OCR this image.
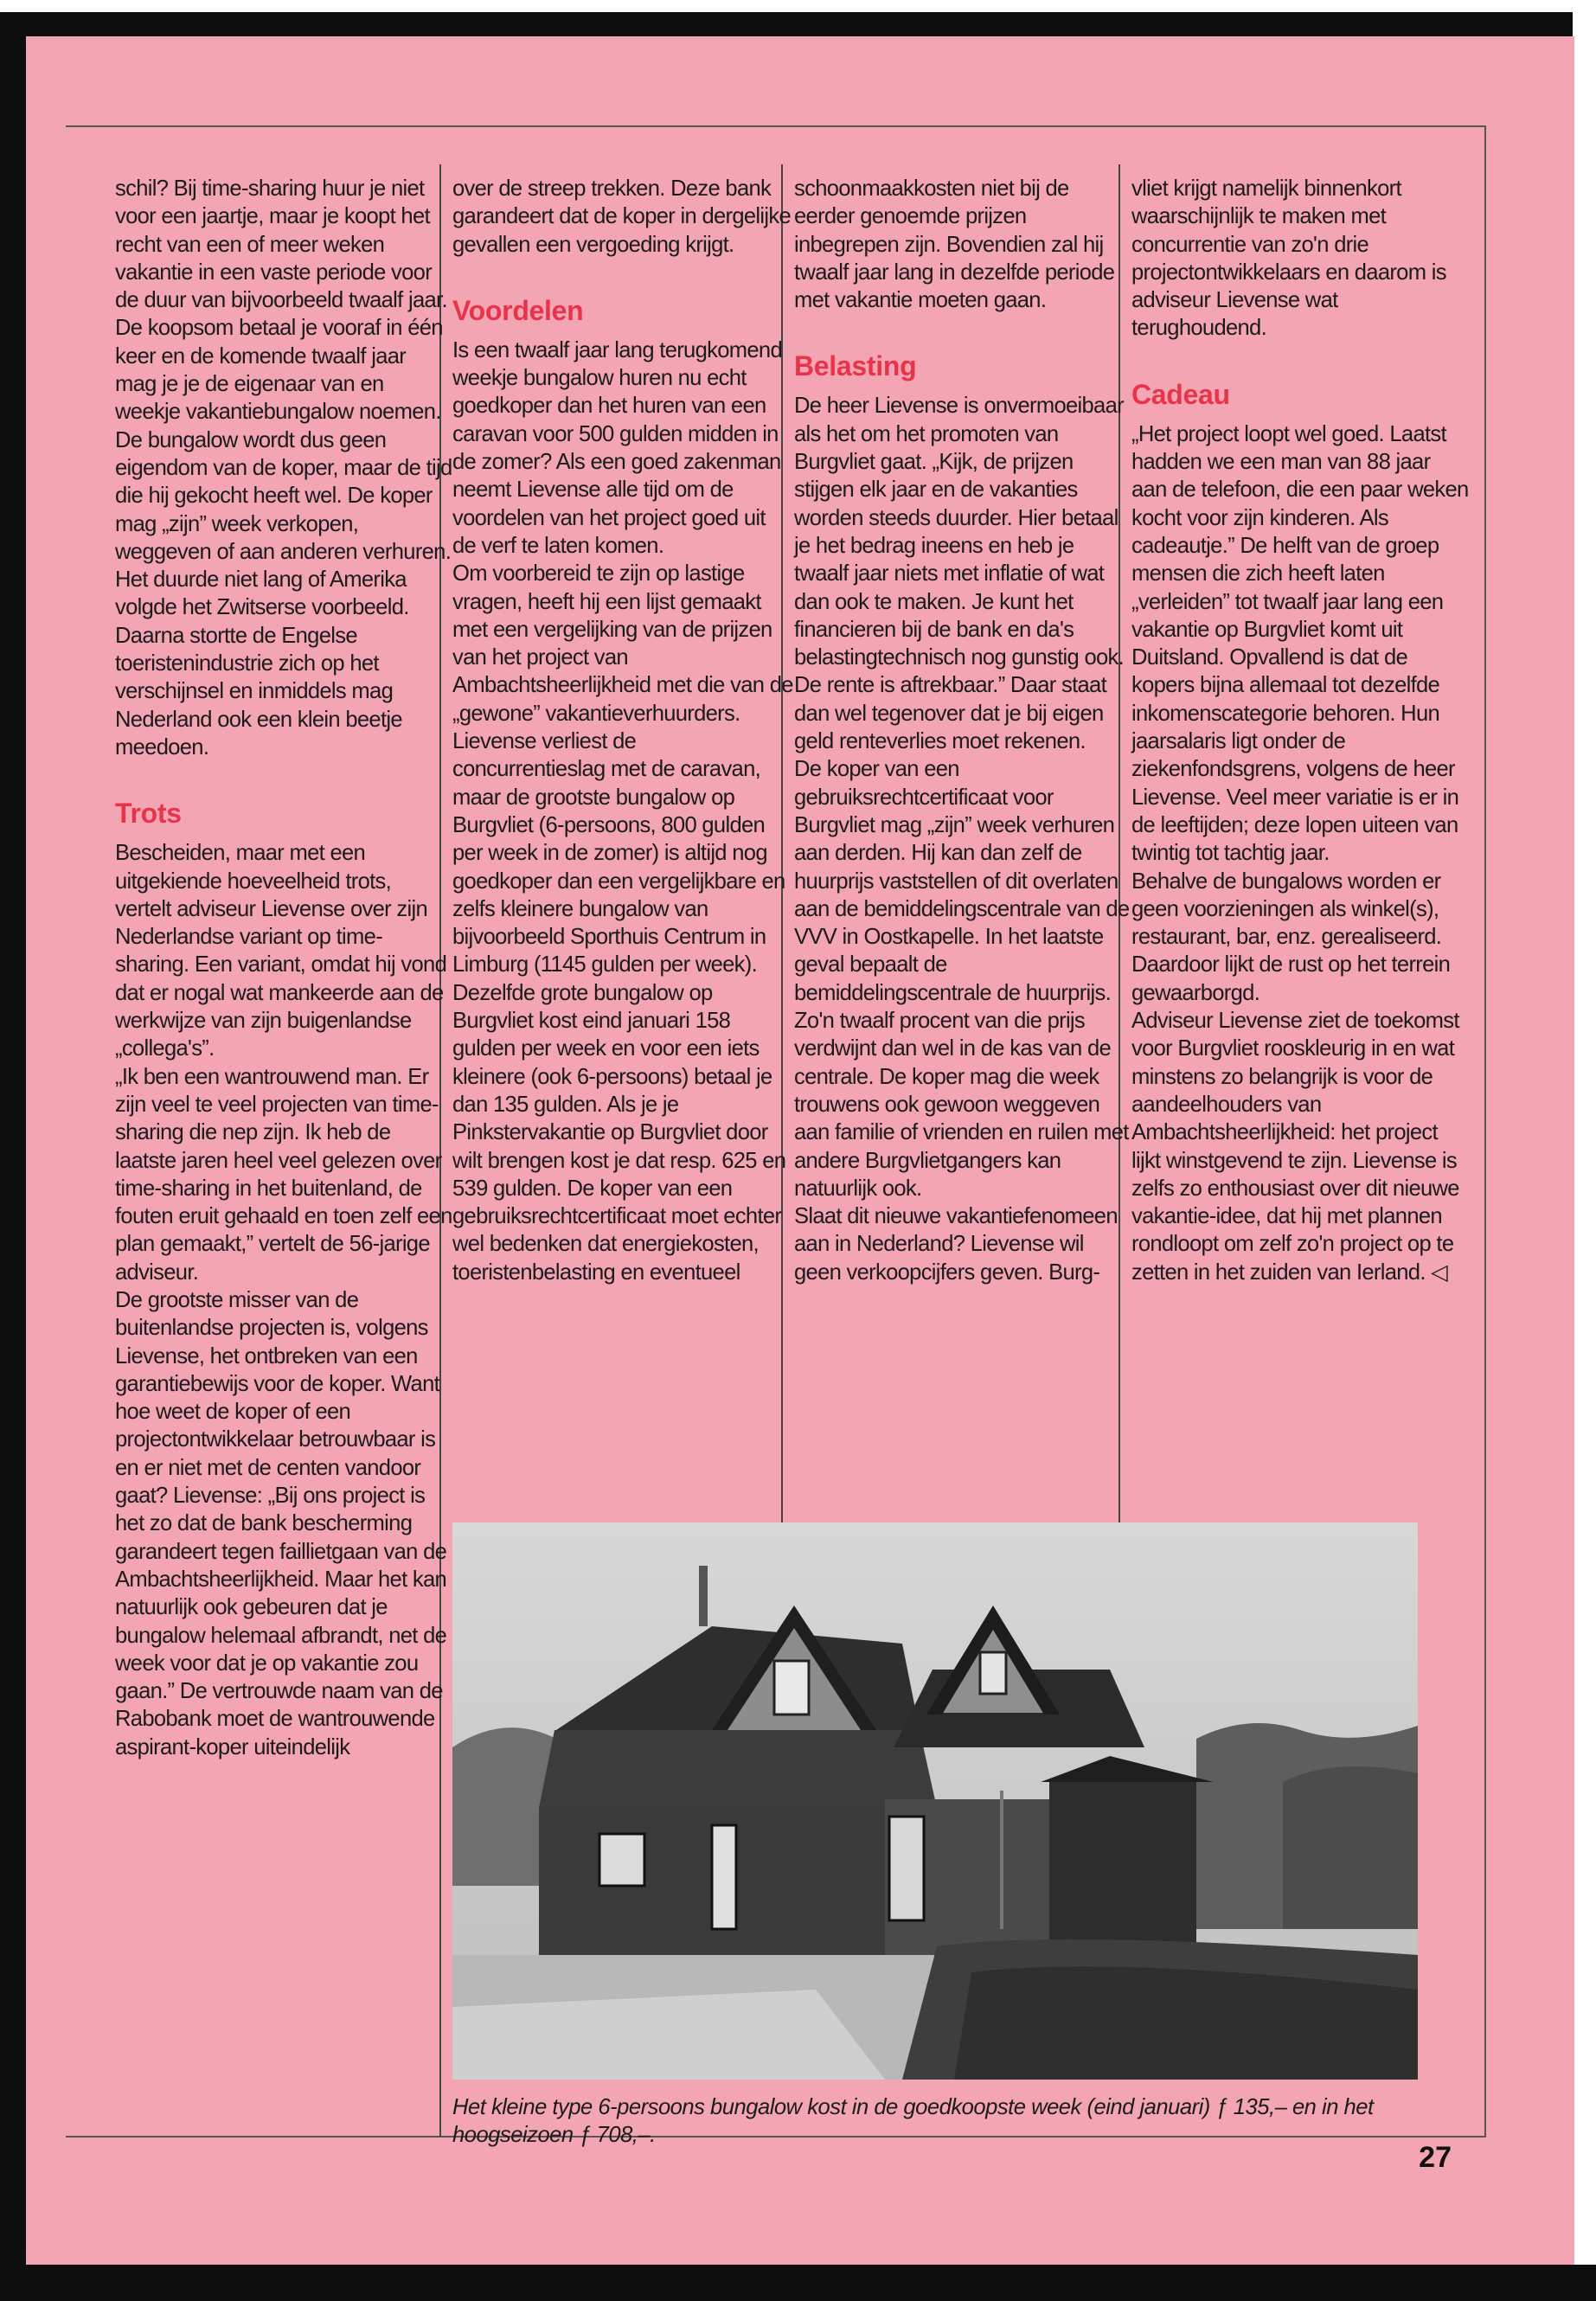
schil? Bij time-sharing huur je niet voor een jaartje, maar je koopt het recht van een of meer weken vakantie in een vaste periode voor de duur van bijvoorbeeld twaalf jaar. De koopsom betaal je vooraf in één keer en de komende twaalf jaar mag je je de eigenaar van en weekje vakantiebungalow noemen. De bungalow wordt dus geen eigendom van de koper, maar de tijd die hij gekocht heeft wel. De koper mag „zijn” week verkopen, weggeven of aan anderen verhuren.

Het duurde niet lang of Amerika volgde het Zwitserse voorbeeld. Daarna stortte de Engelse toeristenindustrie zich op het verschijnsel en inmiddels mag Nederland ook een klein beetje meedoen.

Trots

Bescheiden, maar met een uitgekiende hoeveelheid trots, vertelt adviseur Lievense over zijn Nederlandse variant op time-sharing. Een variant, omdat hij vond dat er nogal wat mankeerde aan de werkwijze van zijn buigenlandse „collega's”.

„Ik ben een wantrouwend man. Er zijn veel te veel projecten van time-sharing die nep zijn. Ik heb de laatste jaren heel veel gelezen over time-sharing in het buitenland, de fouten eruit gehaald en toen zelf een plan gemaakt,” vertelt de 56-jarige adviseur.

De grootste misser van de buitenlandse projecten is, volgens Lievense, het ontbreken van een garantiebewijs voor de koper. Want hoe weet de koper of een projectontwikkelaar betrouwbaar is en er niet met de centen vandoor gaat? Lievense: „Bij ons project is het zo dat de bank bescherming garandeert tegen faillietgaan van de Ambachtsheerlijkheid. Maar het kan natuurlijk ook gebeuren dat je bungalow helemaal afbrandt, net de week voor dat je op vakantie zou gaan.” De vertrouwde naam van de Rabobank moet de wantrouwende aspirant-koper uiteindelijk

over de streep trekken. Deze bank garandeert dat de koper in dergelijke gevallen een vergoeding krijgt.

Voordelen

Is een twaalf jaar lang terugkomend weekje bungalow huren nu echt goedkoper dan het huren van een caravan voor 500 gulden midden in de zomer? Als een goed zakenman neemt Lievense alle tijd om de voordelen van het project goed uit de verf te laten komen.

Om voorbereid te zijn op lastige vragen, heeft hij een lijst gemaakt met een vergelijking van de prijzen van het project van Ambachtsheerlijkheid met die van de „gewone” vakantieverhuurders. Lievense verliest de concurrentieslag met de caravan, maar de grootste bungalow op Burgvliet (6-persoons, 800 gulden per week in de zomer) is altijd nog goedkoper dan een vergelijkbare en zelfs kleinere bungalow van bijvoorbeeld Sporthuis Centrum in Limburg (1145 gulden per week). Dezelfde grote bungalow op Burgvliet kost eind januari 158 gulden per week en voor een iets kleinere (ook 6-persoons) betaal je dan 135 gulden. Als je je Pinkstervakantie op Burgvliet door wilt brengen kost je dat resp. 625 en 539 gulden. De koper van een gebruiksrechtcertificaat moet echter wel bedenken dat energiekosten, toeristenbelasting en eventueel

schoonmaakkosten niet bij de eerder genoemde prijzen inbegrepen zijn. Bovendien zal hij twaalf jaar lang in dezelfde periode met vakantie moeten gaan.

Belasting

De heer Lievense is onvermoeibaar als het om het promoten van Burgvliet gaat. „Kijk, de prijzen stijgen elk jaar en de vakanties worden steeds duurder. Hier betaal je het bedrag ineens en heb je twaalf jaar niets met inflatie of wat dan ook te maken. Je kunt het financieren bij de bank en da's belastingtechnisch nog gunstig ook. De rente is aftrekbaar.” Daar staat dan wel tegenover dat je bij eigen geld renteverlies moet rekenen.

De koper van een gebruiksrechtcertificaat voor Burgvliet mag „zijn” week verhuren aan derden. Hij kan dan zelf de huurprijs vaststellen of dit overlaten aan de bemiddelingscentrale van de VVV in Oostkapelle. In het laatste geval bepaalt de bemiddelingscentrale de huurprijs. Zo'n twaalf procent van die prijs verdwijnt dan wel in de kas van de centrale. De koper mag die week trouwens ook gewoon weggeven aan familie of vrienden en ruilen met andere Burgvlietgangers kan natuurlijk ook.

Slaat dit nieuwe vakantiefenomeen aan in Nederland? Lievense wil geen verkoopcijfers geven. Burg-

vliet krijgt namelijk binnenkort waarschijnlijk te maken met concurrentie van zo'n drie projectontwikkelaars en daarom is adviseur Lievense wat terughoudend.

Cadeau

„Het project loopt wel goed. Laatst hadden we een man van 88 jaar aan de telefoon, die een paar weken kocht voor zijn kinderen. Als cadeautje.” De helft van de groep mensen die zich heeft laten „verleiden” tot twaalf jaar lang een vakantie op Burgvliet komt uit Duitsland. Opvallend is dat de kopers bijna allemaal tot dezelfde inkomenscategorie behoren. Hun jaarsalaris ligt onder de ziekenfondsgrens, volgens de heer Lievense. Veel meer variatie is er in de leeftijden; deze lopen uiteen van twintig tot tachtig jaar.

Behalve de bungalows worden er geen voorzieningen als winkel(s), restaurant, bar, enz. gerealiseerd. Daardoor lijkt de rust op het terrein gewaarborgd.

Adviseur Lievense ziet de toekomst voor Burgvliet rooskleurig in en wat minstens zo belangrijk is voor de aandeelhouders van Ambachtsheerlijkheid: het project lijkt winstgevend te zijn. Lievense is zelfs zo enthousiast over dit nieuwe vakantie-idee, dat hij met plannen rondloopt om zelf zo'n project op te zetten in het zuiden van Ierland. ◁

Het kleine type 6-persoons bungalow kost in de goedkoopste week (eind januari) ƒ 135,– en in het hoogseizoen ƒ 708,–.
27
